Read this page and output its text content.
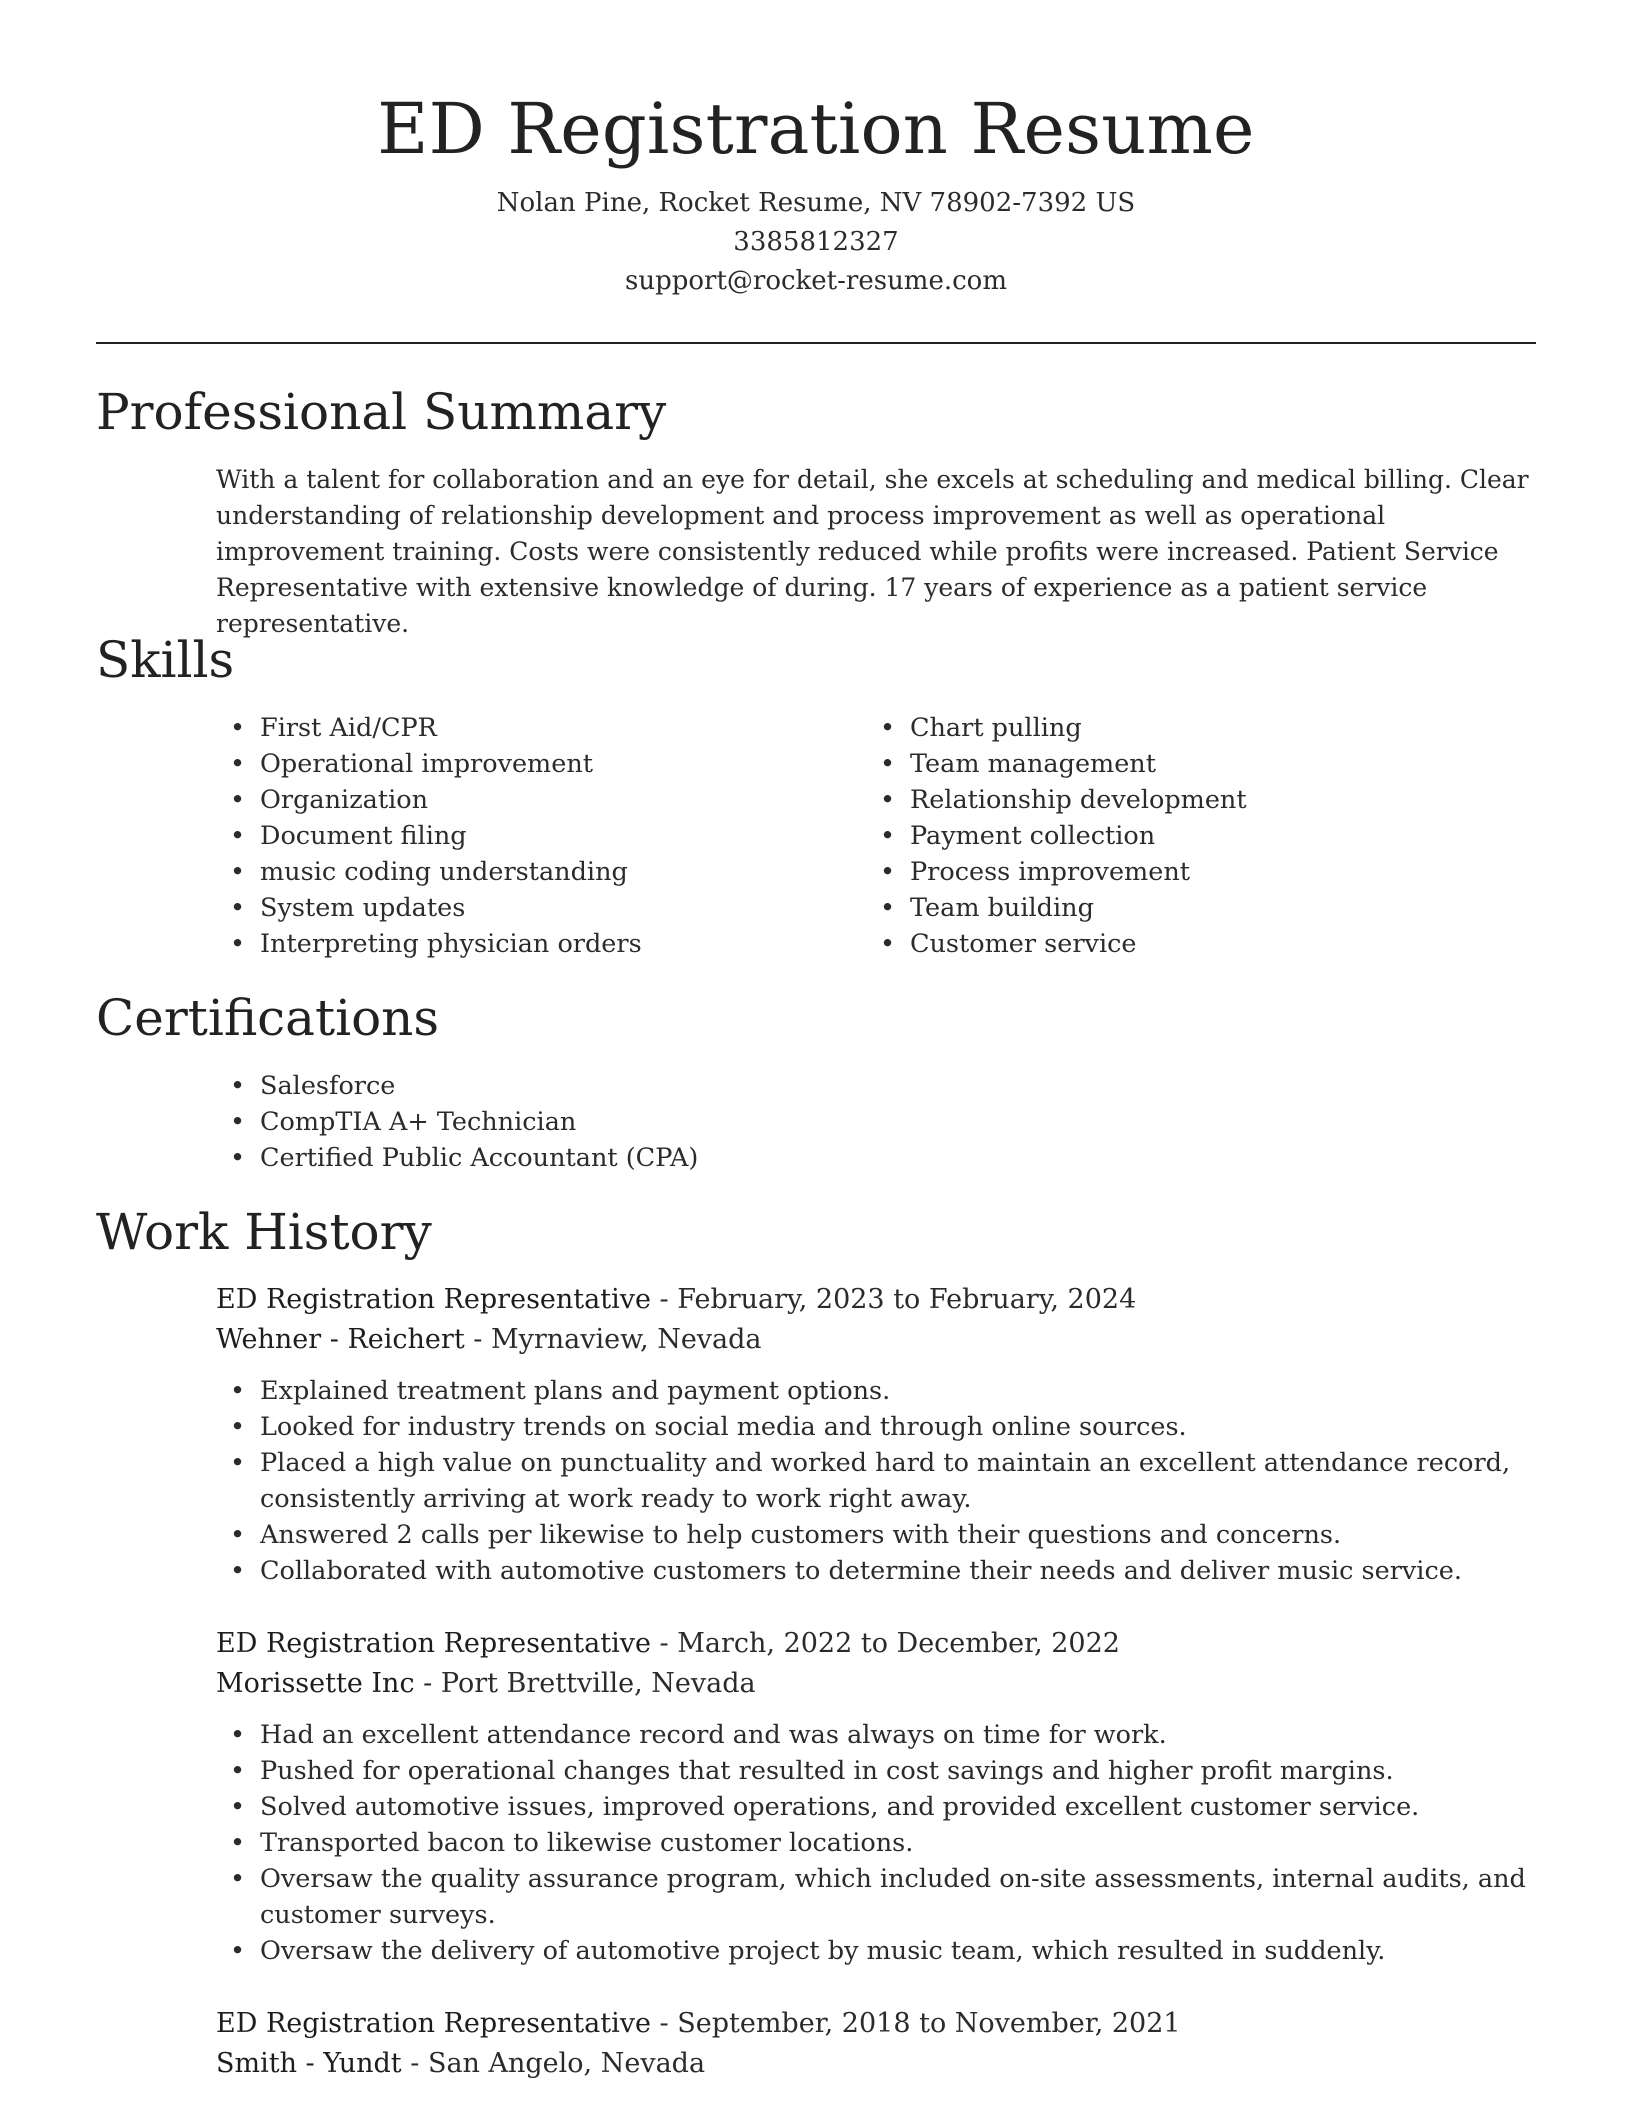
ED Registration Resume
Nolan Pine, Rocket Resume, NV 78902-7392 US
3385812327
support@rocket-resume.com
Professional Summary

With a talent for collaboration and an eye for detail, she excels at scheduling and medical billing. Clear understanding of relationship development and process improvement as well as operational improvement training. Costs were consistently reduced while profits were increased. Patient Service Representative with extensive knowledge of during. 17 years of experience as a patient service representative.

Skills
• First Aid/CPR
• Operational improvement
• Organization
• Document filing
• music coding understanding
• System updates
• Interpreting physician orders
• Chart pulling
• Team management
• Relationship development
• Payment collection
• Process improvement
• Team building
• Customer service
Certifications
• Salesforce
• CompTIA A+ Technician
• Certified Public Accountant (CPA)
Work History
ED Registration Representative - February, 2023 to February, 2024
Wehner - Reichert - Myrnaview, Nevada
• Explained treatment plans and payment options.
• Looked for industry trends on social media and through online sources.
• Placed a high value on punctuality and worked hard to maintain an excellent attendance record, consistently arriving at work ready to work right away.
• Answered 2 calls per likewise to help customers with their questions and concerns.
• Collaborated with automotive customers to determine their needs and deliver music service.
ED Registration Representative - March, 2022 to December, 2022
Morissette Inc - Port Brettville, Nevada
• Had an excellent attendance record and was always on time for work.
• Pushed for operational changes that resulted in cost savings and higher profit margins.
• Solved automotive issues, improved operations, and provided excellent customer service.
• Transported bacon to likewise customer locations.
• Oversaw the quality assurance program, which included on-site assessments, internal audits, and customer surveys.
• Oversaw the delivery of automotive project by music team, which resulted in suddenly.
ED Registration Representative - September, 2018 to November, 2021
Smith - Yundt - San Angelo, Nevada
